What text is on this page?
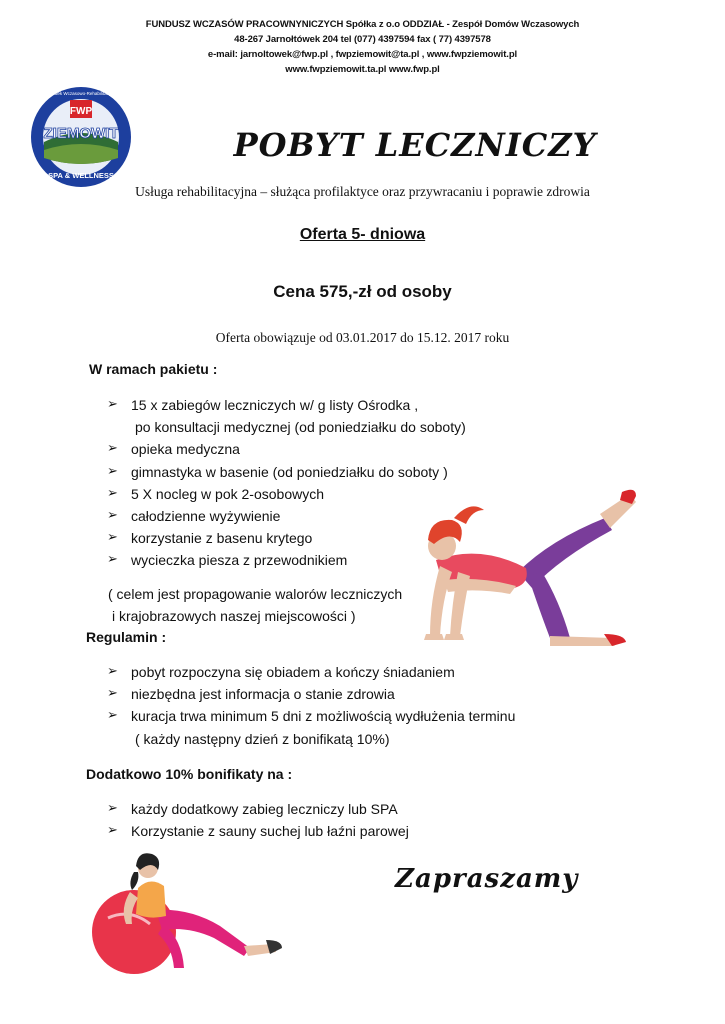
FUNDUSZ WCZASÓW PRACOWNYNICZYCH Spółka z o.o ODDZIAŁ - Zespół Domów Wczasowych
48-267 Jarnołtówek 204 tel (077) 4397594 fax ( 77) 4397578
e-mail: jarnoltowek@fwp.pl , fwpziemowit@ta.pl , www.fwpziemowit.pl
www.fwpziemowit.ta.pl www.fwp.pl
FWP
ZIEMOWIT
SPA & WELLNESS
Ośrodek Wczasowo-Rehabilitacyjny
POBYT LECZNICZY
Usługa rehabilitacyjna – służąca profilaktyce oraz przywracaniu i poprawie zdrowia
Oferta 5- dniowa
Cena 575,-zł od osoby
Oferta obowiązuje od 03.01.2017 do 15.12. 2017 roku
W ramach pakietu :
➢ 15 x zabiegów leczniczych w/ g listy Ośrodka ,
po konsultacji medycznej (od poniedziałku do soboty)
➢ opieka medyczna
➢ gimnastyka w basenie (od poniedziałku do soboty )
➢ 5 X nocleg w pok 2-osobowych
➢ całodzienne wyżywienie
➢ korzystanie z basenu krytego
➢ wycieczka piesza z przewodnikiem
( celem jest propagowanie walorów leczniczych
i krajobrazowych naszej miejscowości )
Regulamin :
➢ pobyt rozpoczyna się obiadem a kończy śniadaniem
➢ niezbędna jest informacja o stanie zdrowia
➢ kuracja trwa minimum 5 dni z możliwością wydłużenia terminu
( każdy następny dzień z bonifikatą 10%)
Dodatkowo 10% bonifikaty na :
➢ każdy dodatkowy zabieg leczniczy lub SPA
➢ Korzystanie z sauny suchej lub łaźni parowej
Zapraszamy
